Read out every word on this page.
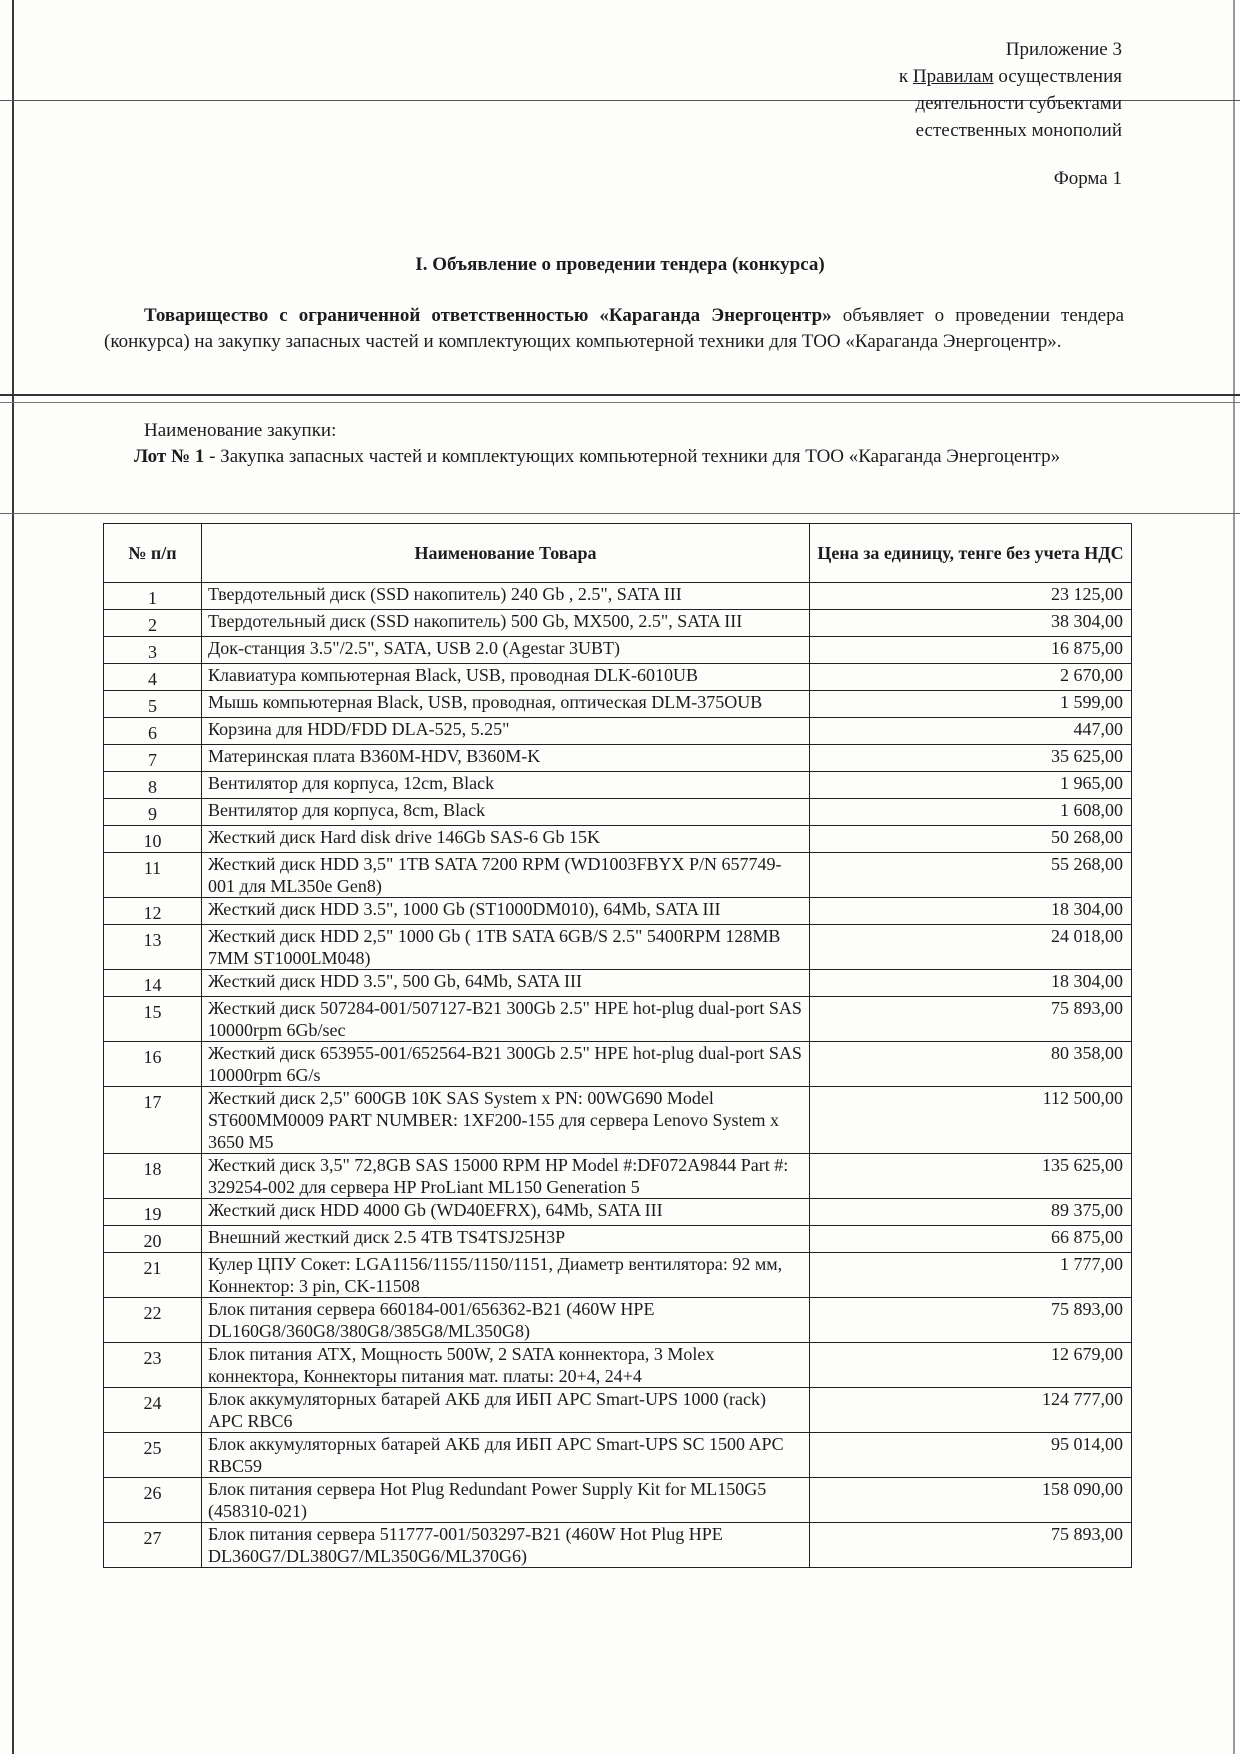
Приложение 3
к Правилам осуществления
деятельности субъектами
естественных монополий
Форма 1
I. Объявление о проведении тендера (конкурса)

Товарищество с ограниченной ответственностью «Караганда Энергоцентр» объявляет о проведении тендера (конкурса) на закупку запасных частей и комплектующих компьютерной техники для ТОО «Караганда Энергоцентр».

Наименование закупки:
Лот № 1 - Закупка запасных частей и комплектующих компьютерной техники для ТОО «Караганда Энергоцентр»
№ п/п	Наименование Товара	Цена за единицу, тенге без учета НДС
1	Твердотельный диск (SSD накопитель) 240 Gb , 2.5", SATA III	23 125,00
2	Твердотельный диск (SSD накопитель) 500 Gb, MX500, 2.5", SATA III	38 304,00
3	Док-станция 3.5"/2.5", SATA, USB 2.0 (Agestar 3UBT)	16 875,00
4	Клавиатура компьютерная Black, USB, проводная DLK-6010UB	2 670,00
5	Мышь компьютерная Black, USB, проводная, оптическая DLM-375OUB	1 599,00
6	Корзина для HDD/FDD DLA-525, 5.25"	447,00
7	Материнская плата B360M-HDV, B360M-K	35 625,00
8	Вентилятор для корпуса, 12cm, Black	1 965,00
9	Вентилятор для корпуса, 8cm, Black	1 608,00
10	Жесткий диск Hard disk drive 146Gb SAS-6 Gb 15K	50 268,00
11	Жесткий диск HDD 3,5" 1TB SATA 7200 RPM (WD1003FBYX P/N 657749-001 для ML350e Gen8)	55 268,00
12	Жесткий диск HDD 3.5", 1000 Gb (ST1000DM010), 64Mb, SATA III	18 304,00
13	Жесткий диск HDD 2,5" 1000 Gb ( 1TB SATA 6GB/S 2.5" 5400RPM 128MB 7MM ST1000LM048)	24 018,00
14	Жесткий диск HDD 3.5", 500 Gb, 64Mb, SATA III	18 304,00
15	Жесткий диск 507284-001/507127-B21 300Gb 2.5" HPE hot-plug dual-port SAS 10000rpm 6Gb/sec	75 893,00
16	Жесткий диск 653955-001/652564-B21 300Gb 2.5" HPE hot-plug dual-port SAS 10000rpm 6G/s	80 358,00
17	Жесткий диск 2,5" 600GB 10K SAS System x PN: 00WG690 Model ST600MM0009 PART NUMBER: 1XF200-155 для сервера Lenovo System x 3650 M5	112 500,00
18	Жесткий диск 3,5" 72,8GB SAS 15000 RPM HP Model #:DF072A9844 Part #: 329254-002 для сервера HP ProLiant ML150 Generation 5	135 625,00
19	Жесткий диск HDD 4000 Gb (WD40EFRX), 64Mb, SATA III	89 375,00
20	Внешний жесткий диск 2.5 4TB TS4TSJ25H3P	66 875,00
21	Кулер ЦПУ Сокет: LGA1156/1155/1150/1151, Диаметр вентилятора: 92 мм, Коннектор: 3 pin, CK-11508	1 777,00
22	Блок питания сервера 660184-001/656362-B21 (460W HPE DL160G8/360G8/380G8/385G8/ML350G8)	75 893,00
23	Блок питания ATX, Мощность 500W, 2 SATA коннектора, 3 Molex коннектора, Коннекторы питания мат. платы: 20+4, 24+4	12 679,00
24	Блок аккумуляторных батарей АКБ для ИБП APC Smart-UPS 1000 (rack) APC RBC6	124 777,00
25	Блок аккумуляторных батарей АКБ для ИБП APC Smart-UPS SC 1500 APC RBC59	95 014,00
26	Блок питания сервера Hot Plug Redundant Power Supply Kit for ML150G5 (458310-021)	158 090,00
27	Блок питания сервера 511777-001/503297-B21 (460W Hot Plug HPE DL360G7/DL380G7/ML350G6/ML370G6)	75 893,00
